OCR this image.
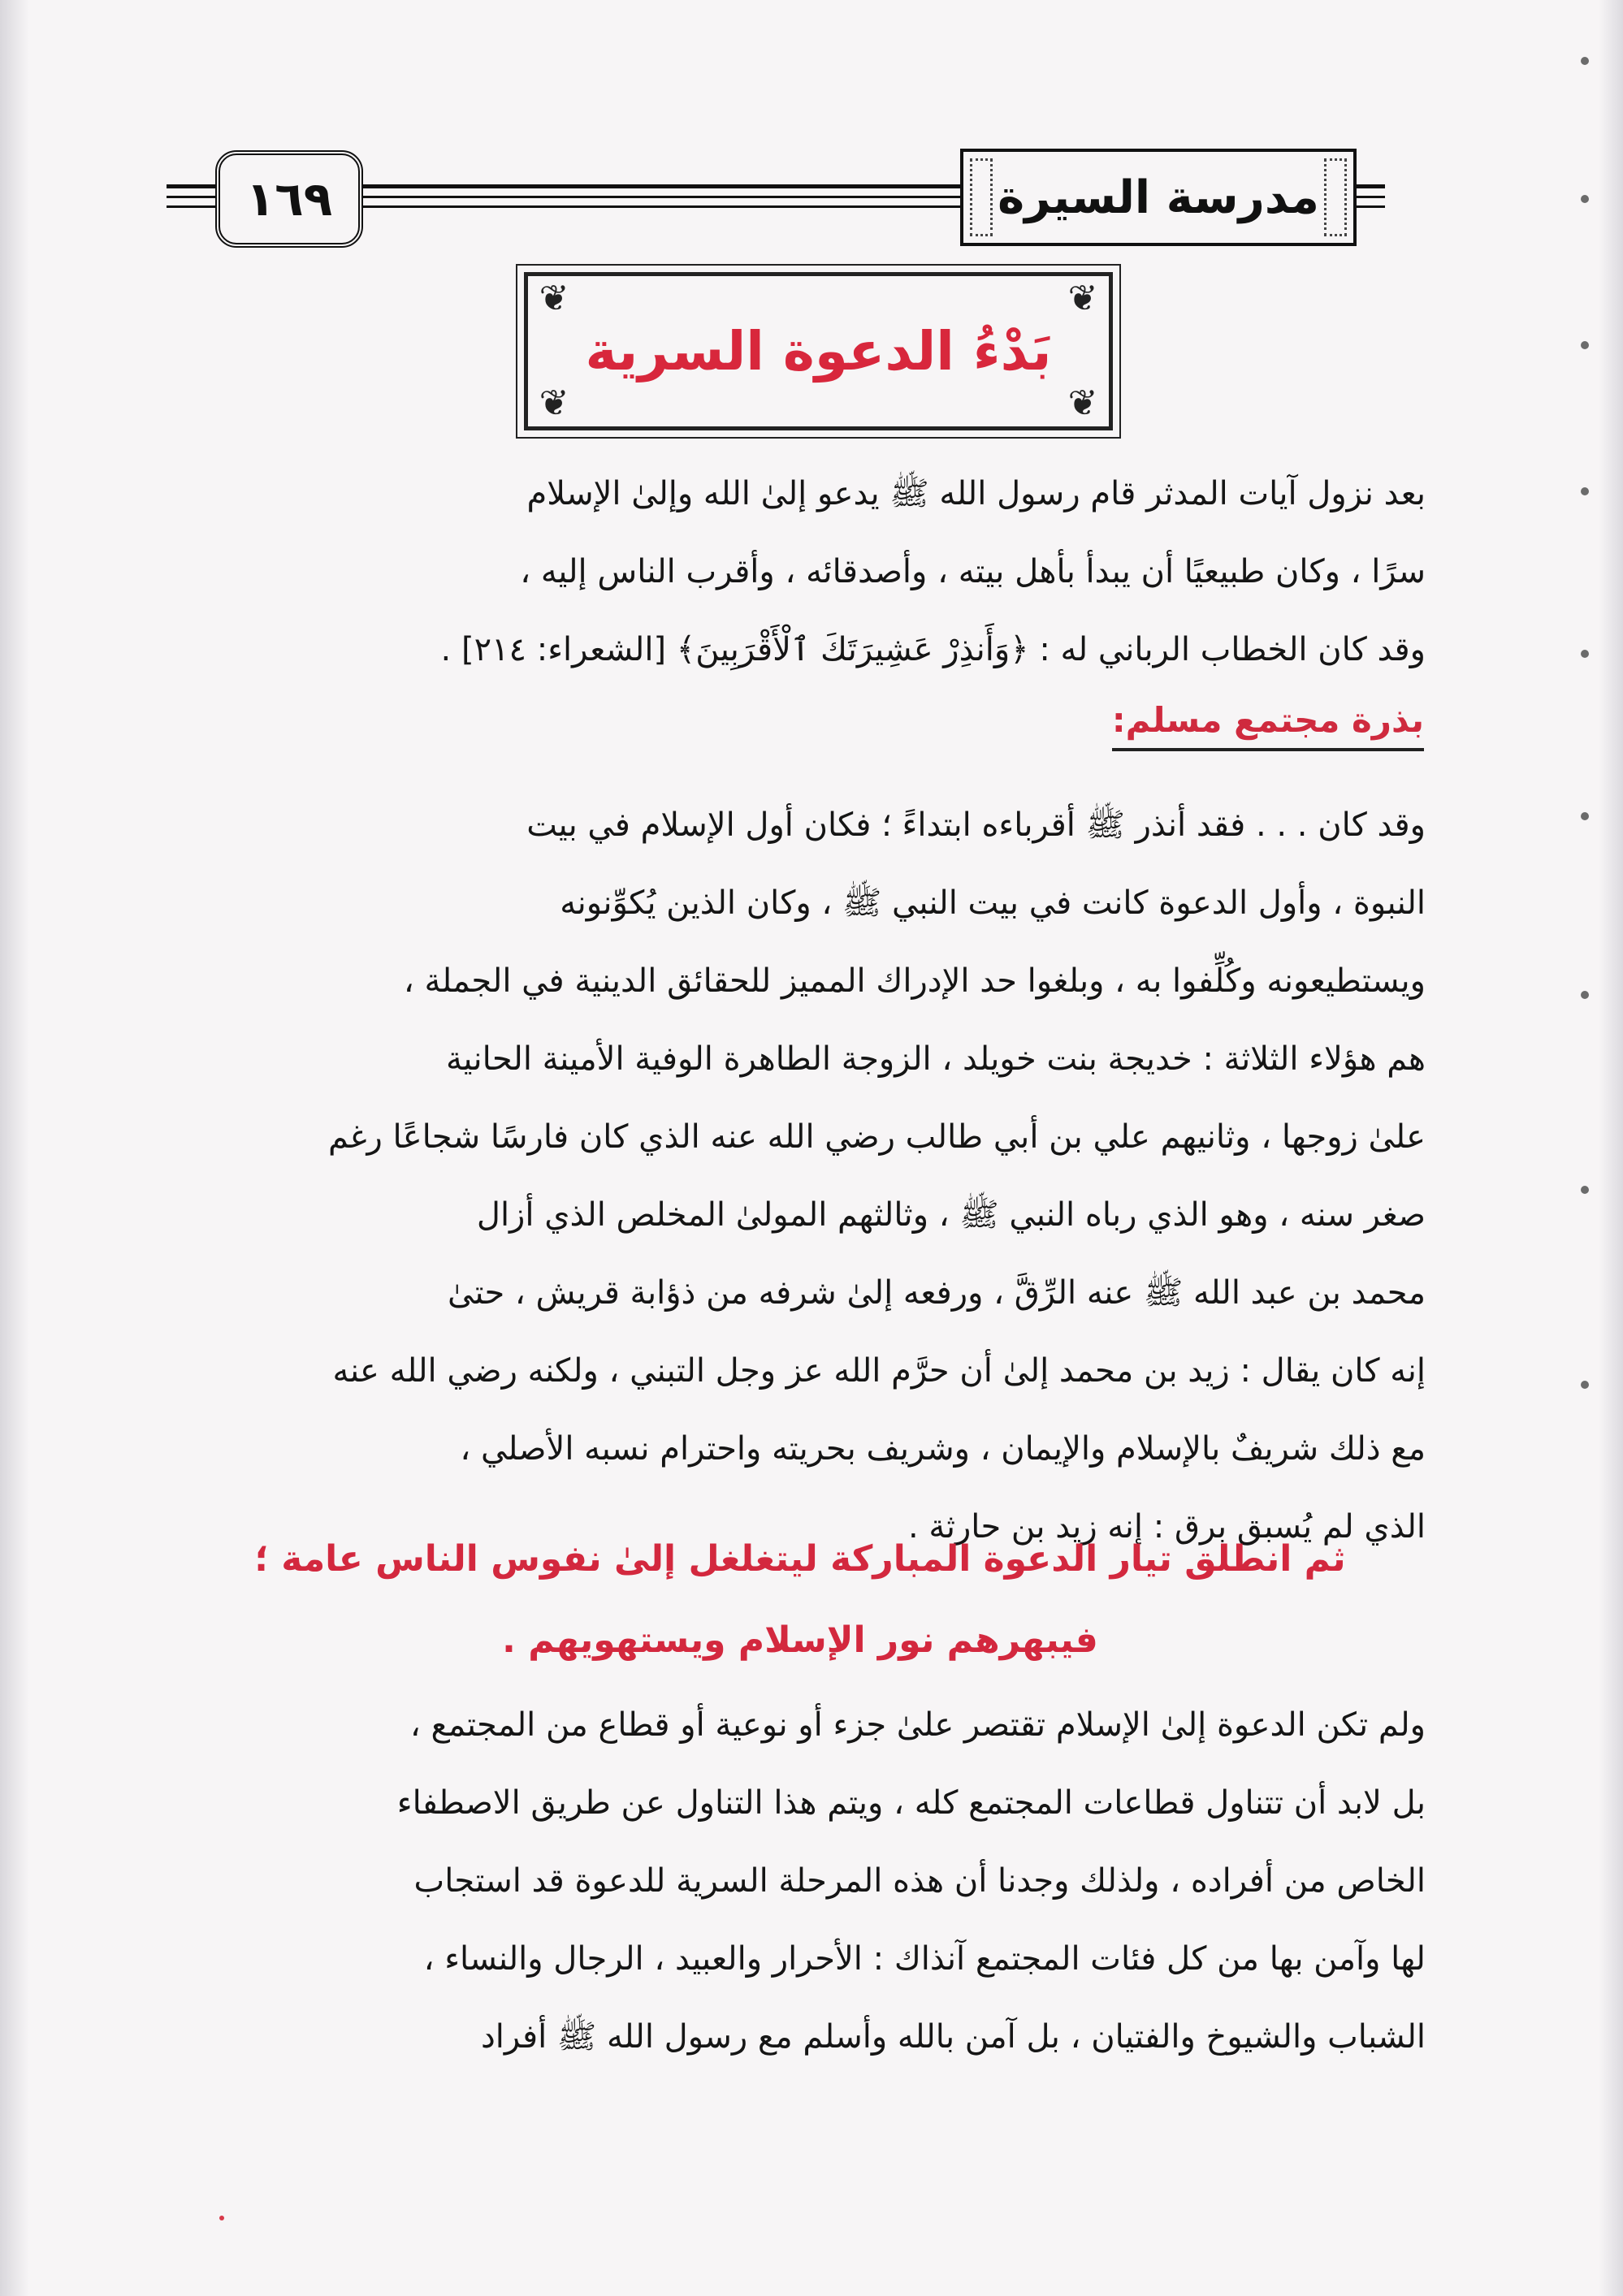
١٦٩	مدرسة السيرة
❦	❦
❦	❦
بَدْءُ الدعوة السرية
بعد نزول آيات المدثر قام رسول الله ﷺ يدعو إلىٰ الله وإلىٰ الإسلام
سرًا ، وكان طبيعيًا أن يبدأ بأهل بيته ، وأصدقائه ، وأقرب الناس إليه ،
وقد كان الخطاب الرباني له : ﴿وَأَنذِرْ عَشِيرَتَكَ ٱلْأَقْرَبِينَ﴾ [الشعراء: ٢١٤] .
بذرة مجتمع مسلم:
وقد كان . . . فقد أنذر ﷺ أقرباءه ابتداءً ؛ فكان أول الإسلام في بيت
النبوة ، وأول الدعوة كانت في بيت النبي ﷺ ، وكان الذين يُكوِّنونه
ويستطيعونه وكُلِّفوا به ، وبلغوا حد الإدراك المميز للحقائق الدينية في الجملة ،
هم هؤلاء الثلاثة : خديجة بنت خويلد ، الزوجة الطاهرة الوفية الأمينة الحانية
علىٰ زوجها ، وثانيهم علي بن أبي طالب رضي الله عنه الذي كان فارسًا شجاعًا رغم
صغر سنه ، وهو الذي رباه النبي ﷺ ، وثالثهم المولىٰ المخلص الذي أزال
محمد بن عبد الله ﷺ عنه الرِّقَّ ، ورفعه إلىٰ شرفه من ذؤابة قريش ، حتىٰ
إنه كان يقال : زيد بن محمد إلىٰ أن حرَّم الله عز وجل التبني ، ولكنه رضي الله عنه
مع ذلك شريفٌ بالإسلام والإيمان ، وشريف بحريته واحترام نسبه الأصلي ،
الذي لم يُسبق برق : إنه زيد بن حارثة .
ثم انطلق تيار الدعوة المباركة ليتغلغل إلىٰ نفوس الناس عامة ؛
فيبهرهم نور الإسلام ويستهويهم .
ولم تكن الدعوة إلىٰ الإسلام تقتصر علىٰ جزء أو نوعية أو قطاع من المجتمع ،
بل لابد أن تتناول قطاعات المجتمع كله ، ويتم هذا التناول عن طريق الاصطفاء
الخاص من أفراده ، ولذلك وجدنا أن هذه المرحلة السرية للدعوة قد استجاب
لها وآمن بها من كل فئات المجتمع آنذاك : الأحرار والعبيد ، الرجال والنساء ،
الشباب والشيوخ والفتيان ، بل آمن بالله وأسلم مع رسول الله ﷺ أفراد
